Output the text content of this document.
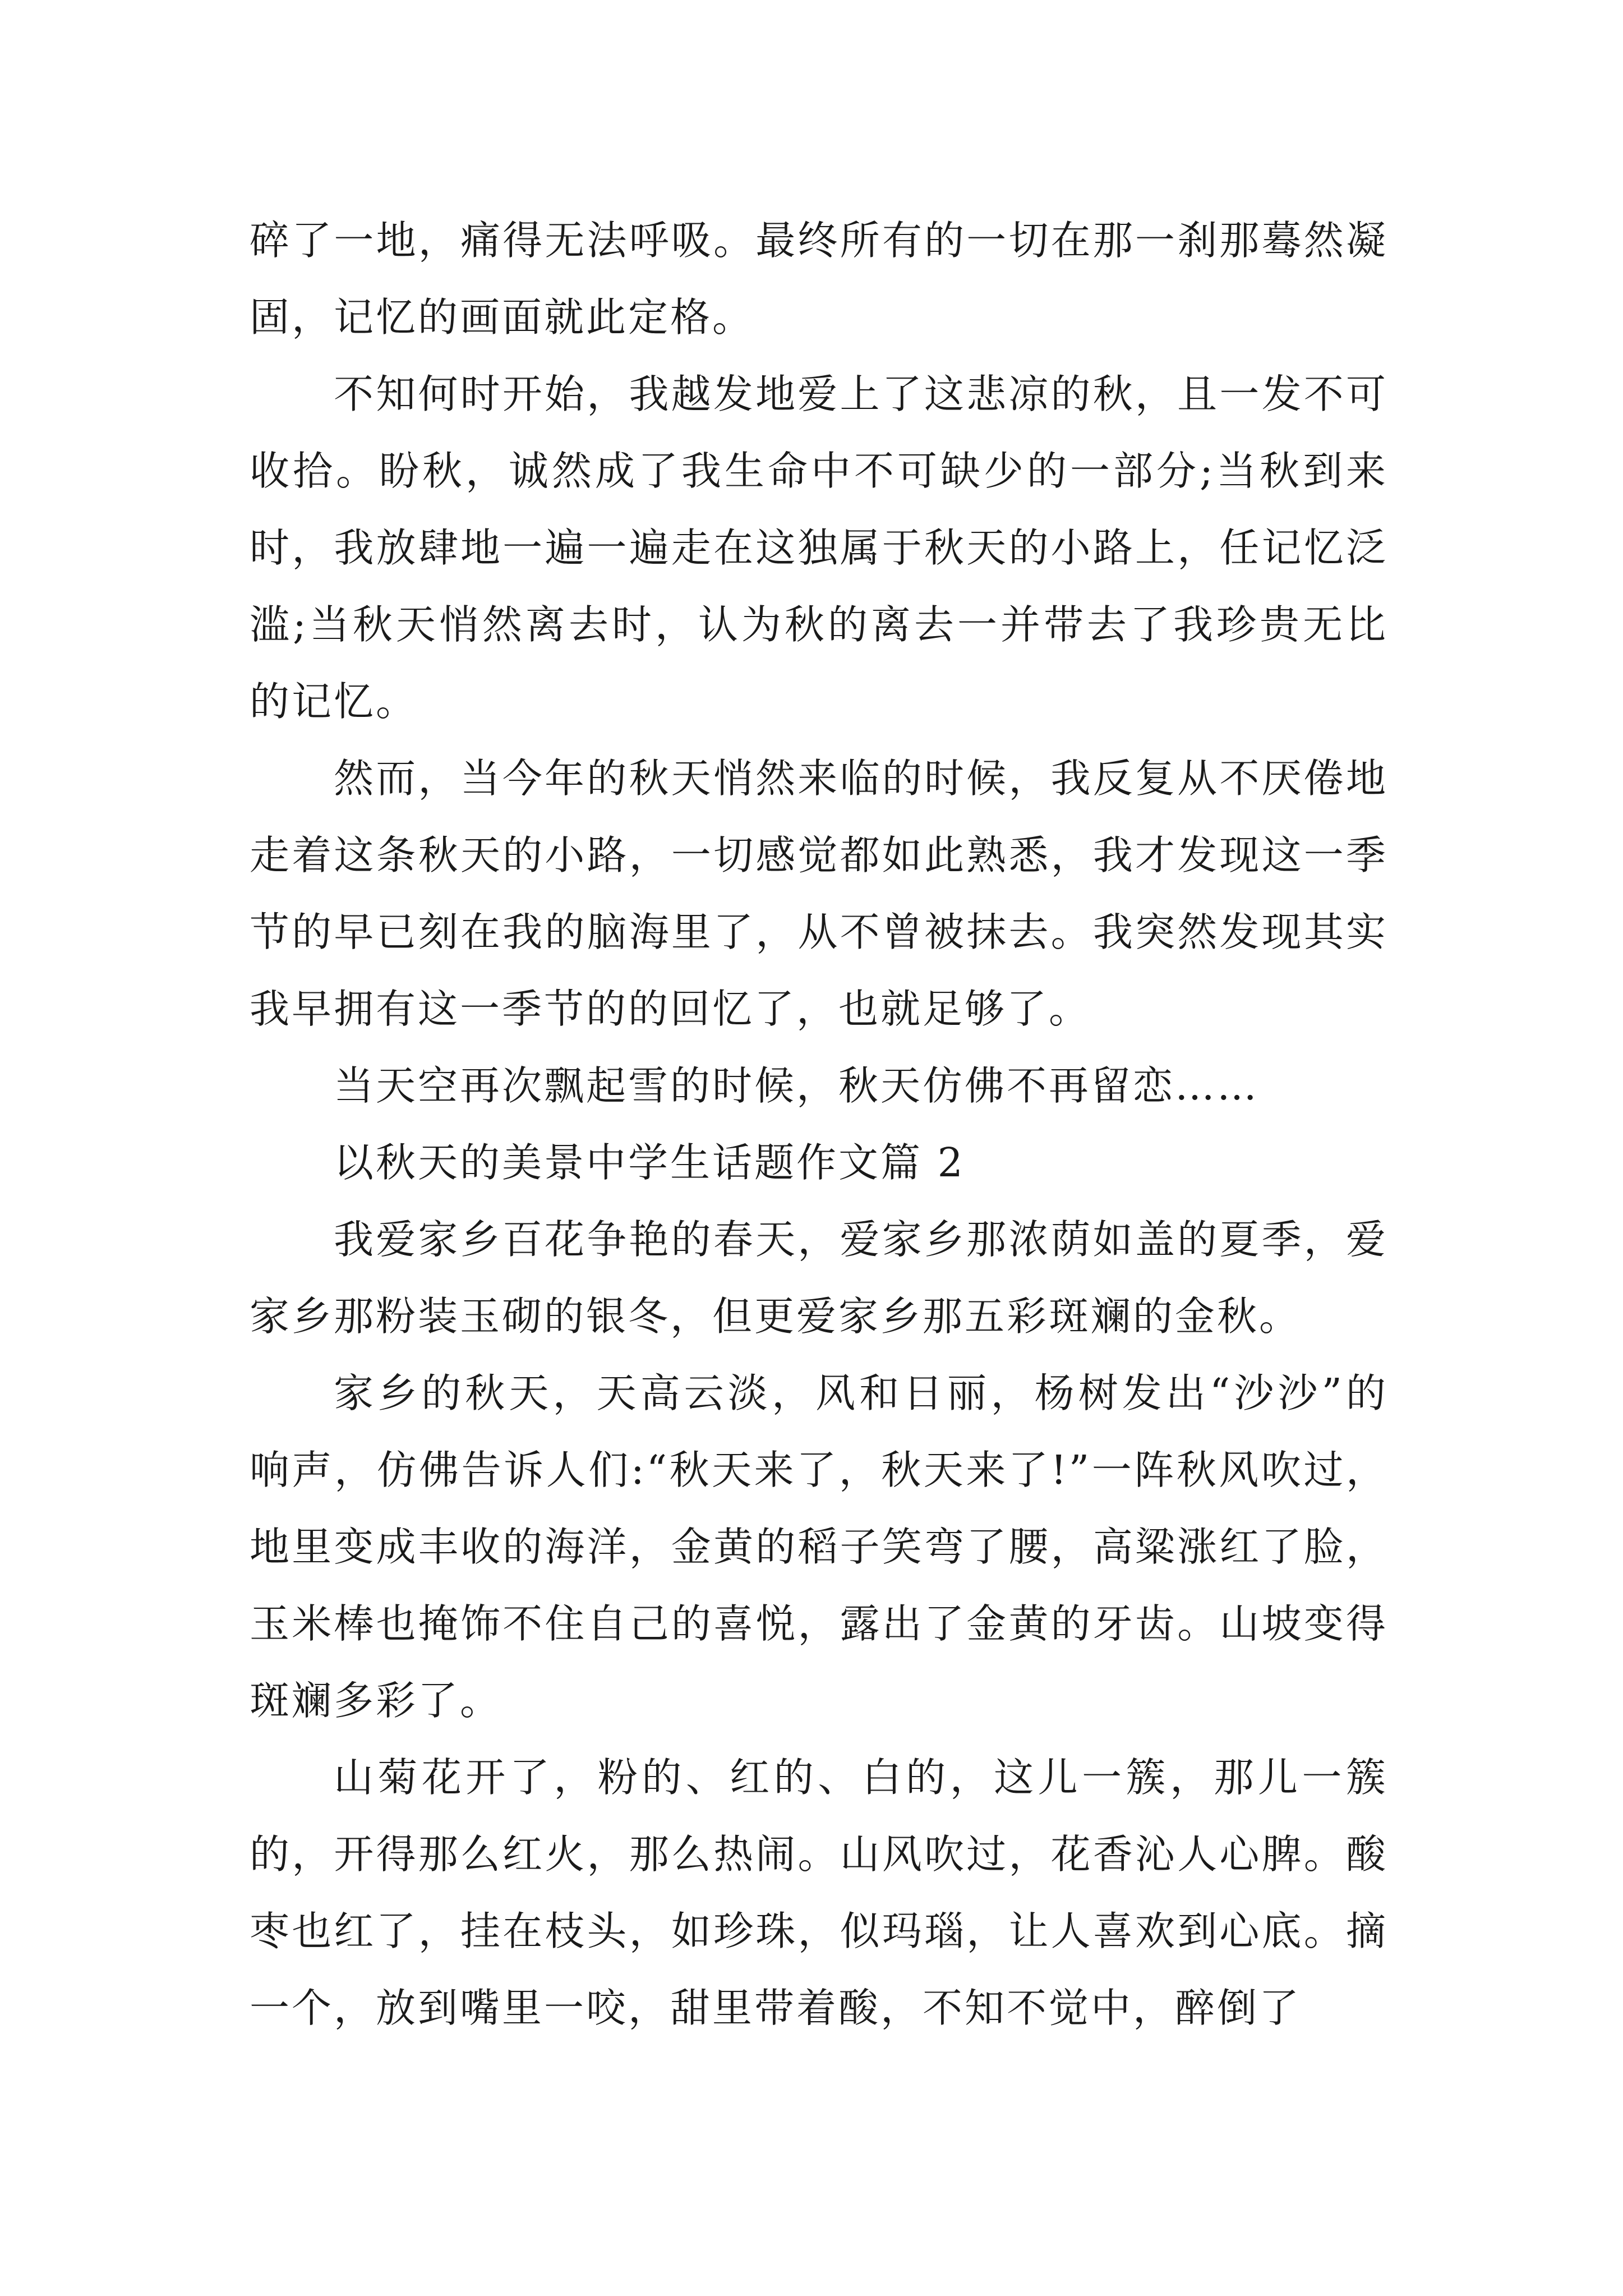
碎了一地，痛得无法呼吸。最终所有的一切在那一刹那蓦然凝固，记忆的画面就此定格。

不知何时开始，我越发地爱上了这悲凉的秋，且一发不可收拾。盼秋，诚然成了我生命中不可缺少的一部分;当秋到来时，我放肆地一遍一遍走在这独属于秋天的小路上，任记忆泛滥;当秋天悄然离去时，认为秋的离去一并带去了我珍贵无比的记忆。

然而，当今年的秋天悄然来临的时候，我反复从不厌倦地走着这条秋天的小路，一切感觉都如此熟悉，我才发现这一季节的早已刻在我的脑海里了，从不曾被抹去。我突然发现其实我早拥有这一季节的的回忆了，也就足够了。

当天空再次飘起雪的时候，秋天仿佛不再留恋……

以秋天的美景中学生话题作文篇 2

我爱家乡百花争艳的春天，爱家乡那浓荫如盖的夏季，爱家乡那粉装玉砌的银冬，但更爱家乡那五彩斑斓的金秋。

家乡的秋天，天高云淡，风和日丽，杨树发出“沙沙”的响声，仿佛告诉人们:“秋天来了，秋天来了!”一阵秋风吹过，地里变成丰收的海洋，金黄的稻子笑弯了腰，高粱涨红了脸，玉米棒也掩饰不住自己的喜悦，露出了金黄的牙齿。山坡变得斑斓多彩了。

山菊花开了，粉的、红的、白的，这儿一簇，那儿一簇的，开得那么红火，那么热闹。山风吹过，花香沁人心脾。酸枣也红了，挂在枝头，如珍珠，似玛瑙，让人喜欢到心底。摘一个，放到嘴里一咬，甜里带着酸，不知不觉中，醉倒了
